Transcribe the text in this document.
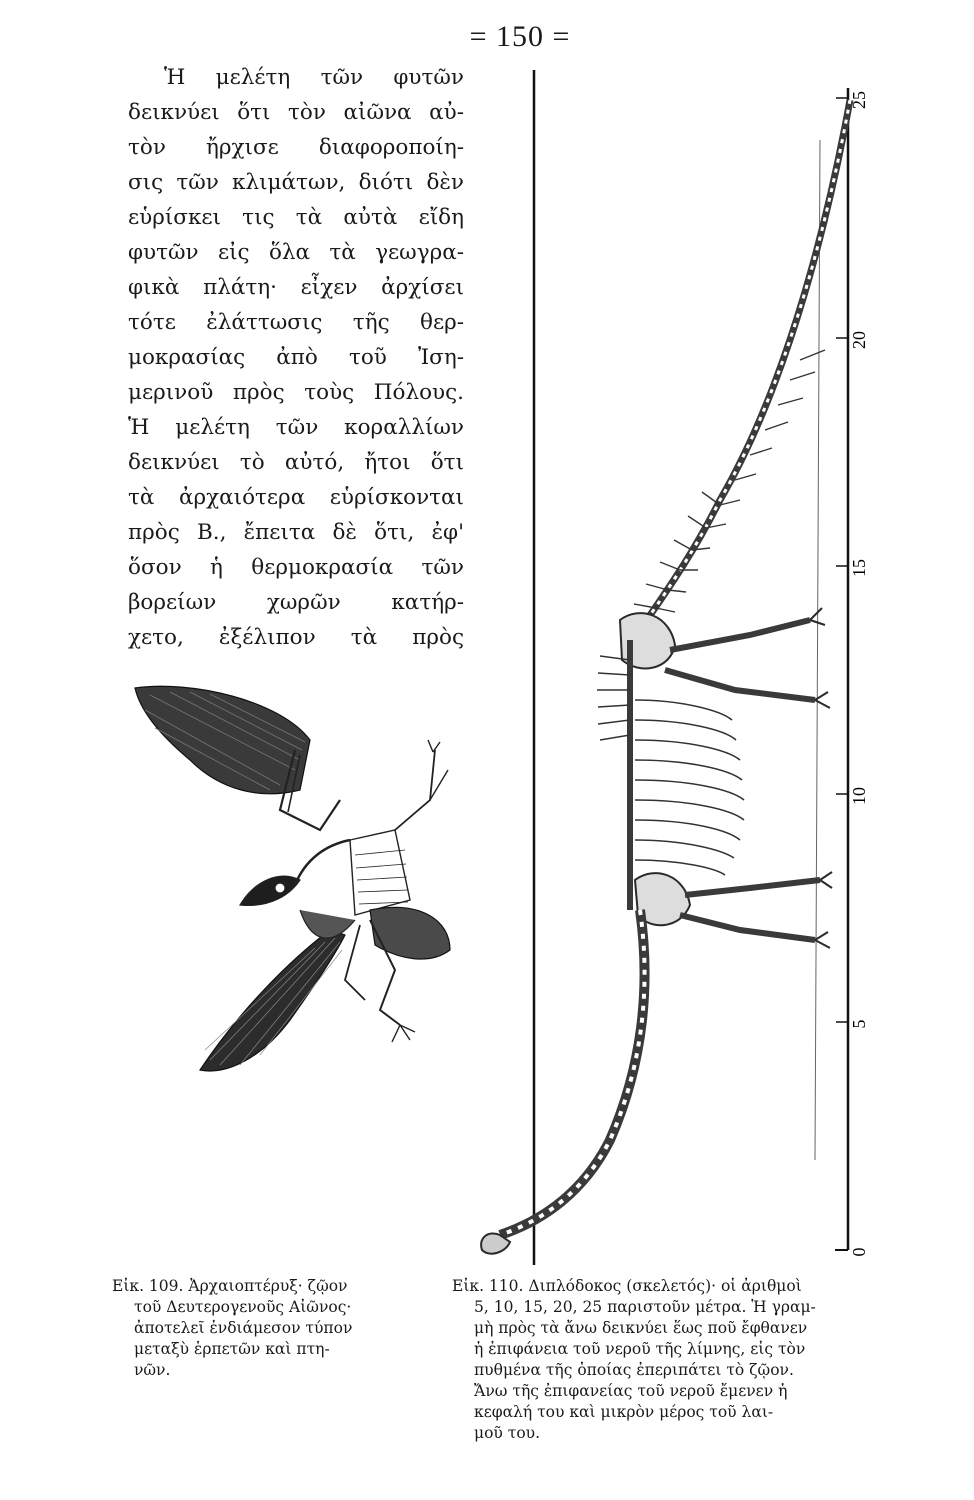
= 150 =
Ἡ μελέτη τῶν φυτῶν
δεικνύει ὅτι τὸν αἰῶνα αὐ-
τὸν ἤρχισε διαφοροποίη-
σις τῶν κλιμάτων, διότι δὲν
εὑρίσκει τις τὰ αὐτὰ εἴδη
φυτῶν εἰς ὅλα τὰ γεωγρα-
φικὰ πλάτη· εἶχεν ἀρχίσει
τότε ἐλάττωσις τῆς θερ-
μοκρασίας ἀπὸ τοῦ Ἰση-
μερινοῦ πρὸς τοὺς Πόλους.
Ἡ μελέτη τῶν κοραλλίων
δεικνύει τὸ αὐτό, ἤτοι ὅτι
τὰ ἀρχαιότερα εὑρίσκονται
πρὸς Β., ἔπειτα δὲ ὅτι, ἐφ'
ὅσον ἡ θερμοκρασία τῶν
βορείων χωρῶν κατήρ-
χετο, ἐξέλιπον τὰ πρὸς
0
5
10
15
20
25
Εἰκ. 109. Ἀρχαιοπτέρυξ· ζῷον
τοῦ Δευτερογενοῦς Αἰῶνος·
ἀποτελεῖ ἐνδιάμεσον τύπον
μεταξὺ ἑρπετῶν καὶ πτη-
νῶν.
Εἰκ. 110. Διπλόδοκος (σκελετός)· οἱ ἀριθμοὶ
5, 10, 15, 20, 25 παριστοῦν μέτρα. Ἡ γραμ-
μὴ πρὸς τὰ ἄνω δεικνύει ἕως ποῦ ἔφθανεν
ἡ ἐπιφάνεια τοῦ νεροῦ τῆς λίμνης, εἰς τὸν
πυθμένα τῆς ὁποίας ἐπεριπάτει τὸ ζῷον.
Ἄνω τῆς ἐπιφανείας τοῦ νεροῦ ἔμενεν ἡ
κεφαλή του καὶ μικρὸν μέρος τοῦ λαι-
μοῦ του.
